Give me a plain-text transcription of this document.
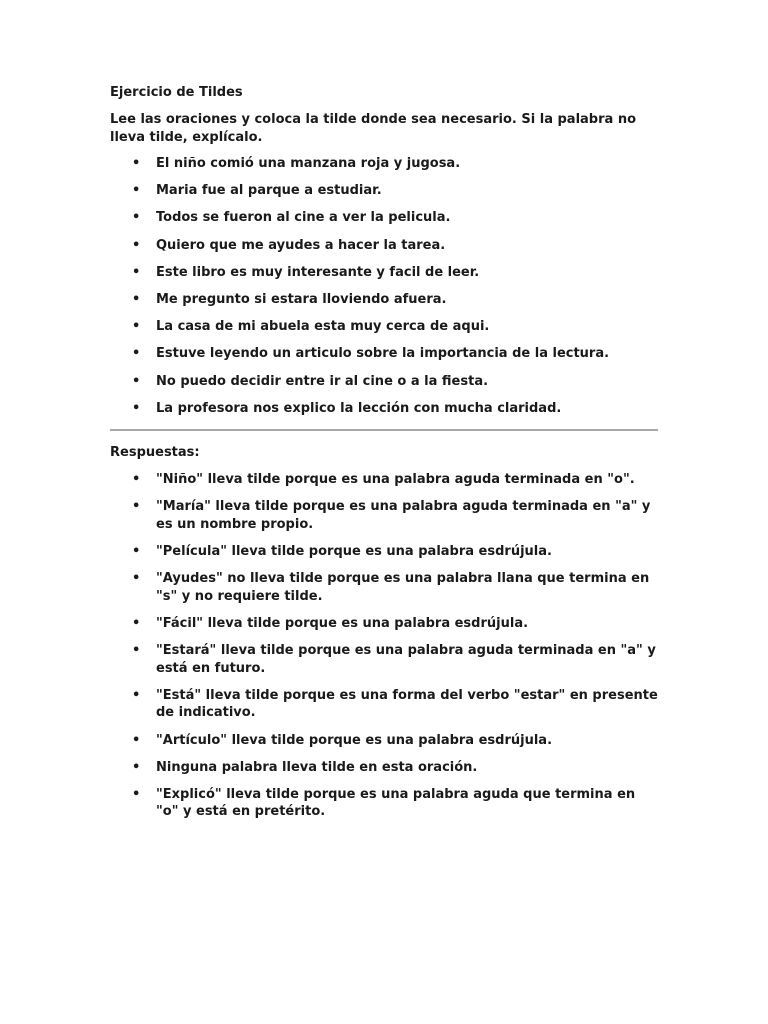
Ejercicio de Tildes
Lee las oraciones y coloca la tilde donde sea necesario. Si la palabra no lleva tilde, explícalo.
• El niño comió una manzana roja y jugosa.
• Maria fue al parque a estudiar.
• Todos se fueron al cine a ver la pelicula.
• Quiero que me ayudes a hacer la tarea.
• Este libro es muy interesante y facil de leer.
• Me pregunto si estara lloviendo afuera.
• La casa de mi abuela esta muy cerca de aqui.
• Estuve leyendo un articulo sobre la importancia de la lectura.
• No puedo decidir entre ir al cine o a la fiesta.
• La profesora nos explico la lección con mucha claridad.
Respuestas:
• "Niño" lleva tilde porque es una palabra aguda terminada en "o".
• "María" lleva tilde porque es una palabra aguda terminada en "a" y es un nombre propio.
• "Película" lleva tilde porque es una palabra esdrújula.
• "Ayudes" no lleva tilde porque es una palabra llana que termina en "s" y no requiere tilde.
• "Fácil" lleva tilde porque es una palabra esdrújula.
• "Estará" lleva tilde porque es una palabra aguda terminada en "a" y está en futuro.
• "Está" lleva tilde porque es una forma del verbo "estar" en presente de indicativo.
• "Artículo" lleva tilde porque es una palabra esdrújula.
• Ninguna palabra lleva tilde en esta oración.
• "Explicó" lleva tilde porque es una palabra aguda que termina en "o" y está en pretérito.
